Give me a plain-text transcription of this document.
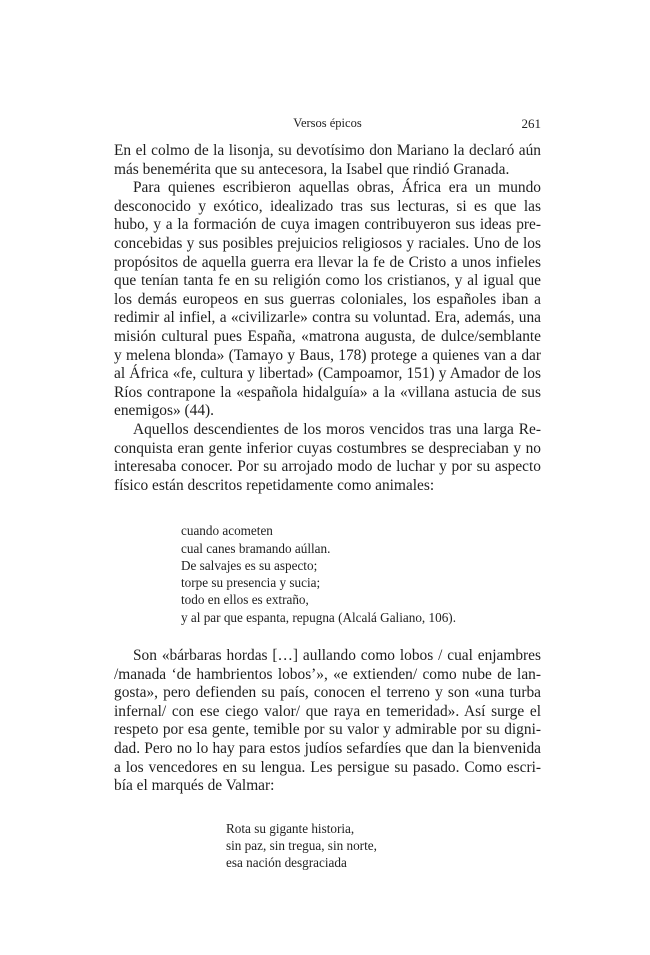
Versos épicos	261

En el colmo de la lisonja, su devotísimo don Mariano la declaró aún más benemérita que su antecesora, la Isabel que rindió Granada.

Para quienes escribieron aquellas obras, África era un mundo desconocido y exótico, idealizado tras sus lecturas, si es que las hubo, y a la formación de cuya imagen contribuyeron sus ideas preconcebidas y sus posibles prejuicios religiosos y raciales. Uno de los propósitos de aquella guerra era llevar la fe de Cristo a unos infieles que tenían tanta fe en su religión como los cristianos, y al igual que los demás europeos en sus guerras coloniales, los españoles iban a redimir al infiel, a «civilizarle» contra su voluntad. Era, además, una misión cultural pues España, «matrona augusta, de dulce/semblante y melena blonda» (Tamayo y Baus, 178) protege a quienes van a dar al África «fe, cultura y libertad» (Campoamor, 151) y Amador de los Ríos contrapone la «española hidalguía» a la «villana astucia de sus enemigos» (44).

Aquellos descendientes de los moros vencidos tras una larga Reconquista eran gente inferior cuyas costumbres se despreciaban y no interesaba conocer. Por su arrojado modo de luchar y por su aspecto físico están descritos repetidamente como animales:

cuando acometen
cual canes bramando aúllan.
De salvajes es su aspecto;
torpe su presencia y sucia;
todo en ellos es extraño,
y al par que espanta, repugna (Alcalá Galiano, 106).

Son «bárbaras hordas […] aullando como lobos / cual enjambres /manada ‘de hambrientos lobos’», «e extienden/ como nube de langosta», pero defienden su país, conocen el terreno y son «una turba infernal/ con ese ciego valor/ que raya en temeridad». Así surge el respeto por esa gente, temible por su valor y admirable por su dignidad. Pero no lo hay para estos judíos sefardíes que dan la bienvenida a los vencedores en su lengua. Les persigue su pasado. Como escribía el marqués de Valmar:

Rota su gigante historia,
sin paz, sin tregua, sin norte,
esa nación desgraciada
